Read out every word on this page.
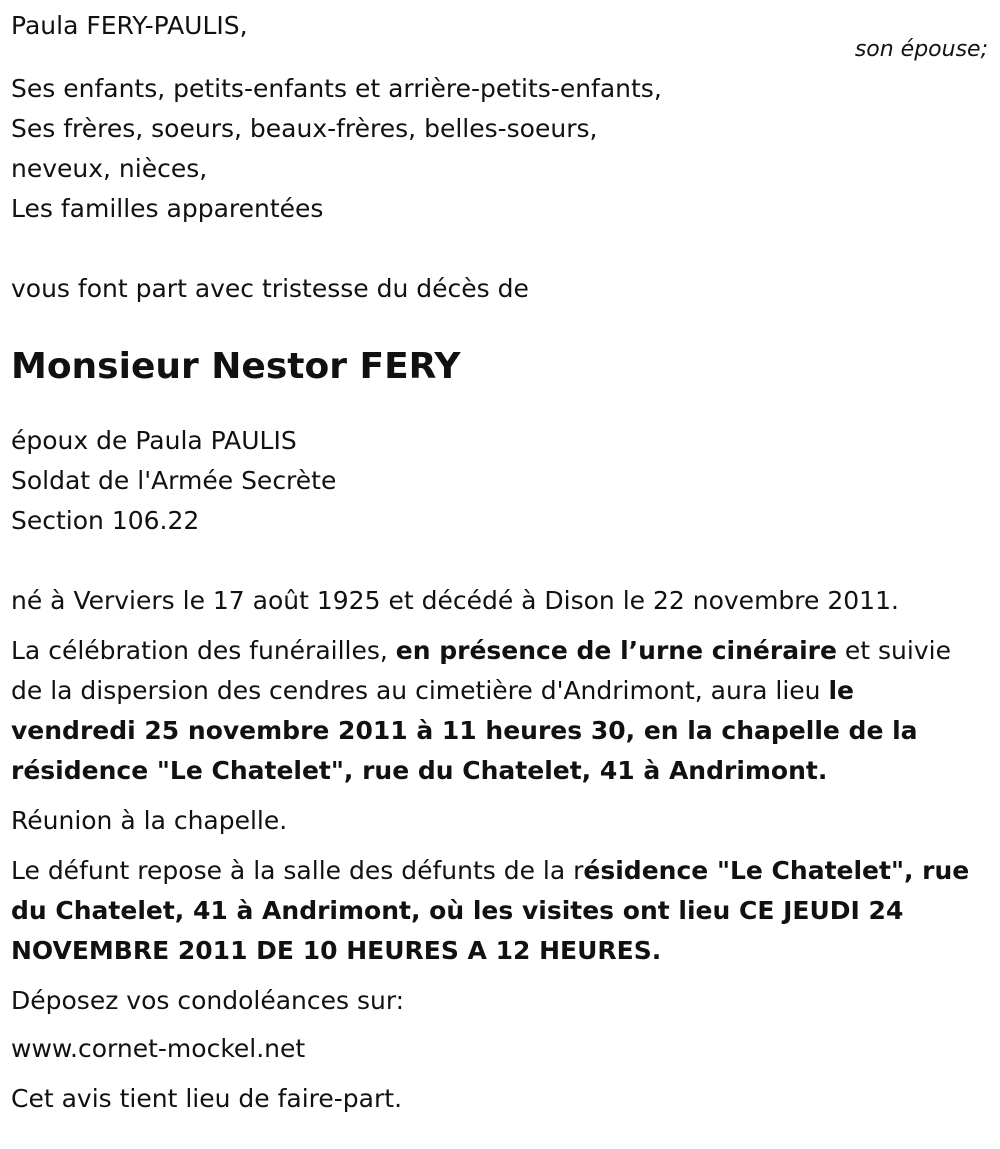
Paula FERY-PAULIS,
son épouse;
Ses enfants, petits-enfants et arrière-petits-enfants,
Ses frères, soeurs, beaux-frères, belles-soeurs,
neveux, nièces,
Les familles apparentées
vous font part avec tristesse du décès de
Monsieur Nestor FERY
époux de Paula PAULIS
Soldat de l'Armée Secrète
Section 106.22
né à Verviers le 17 août 1925 et décédé à Dison le 22 novembre 2011.

La célébration des funérailles, en présence de l’urne cinéraire et suivie de la dispersion des cendres au cimetière d'Andrimont, aura lieu le vendredi 25 novembre 2011 à 11 heures 30, en la chapelle de la résidence "Le Chatelet", rue du Chatelet, 41 à Andrimont.

Réunion à la chapelle.

Le défunt repose à la salle des défunts de la résidence "Le Chatelet", rue du Chatelet, 41 à Andrimont, où les visites ont lieu CE JEUDI 24 NOVEMBRE 2011 DE 10 HEURES A 12 HEURES.

Déposez vos condoléances sur:
www.cornet-mockel.net
Cet avis tient lieu de faire-part.
